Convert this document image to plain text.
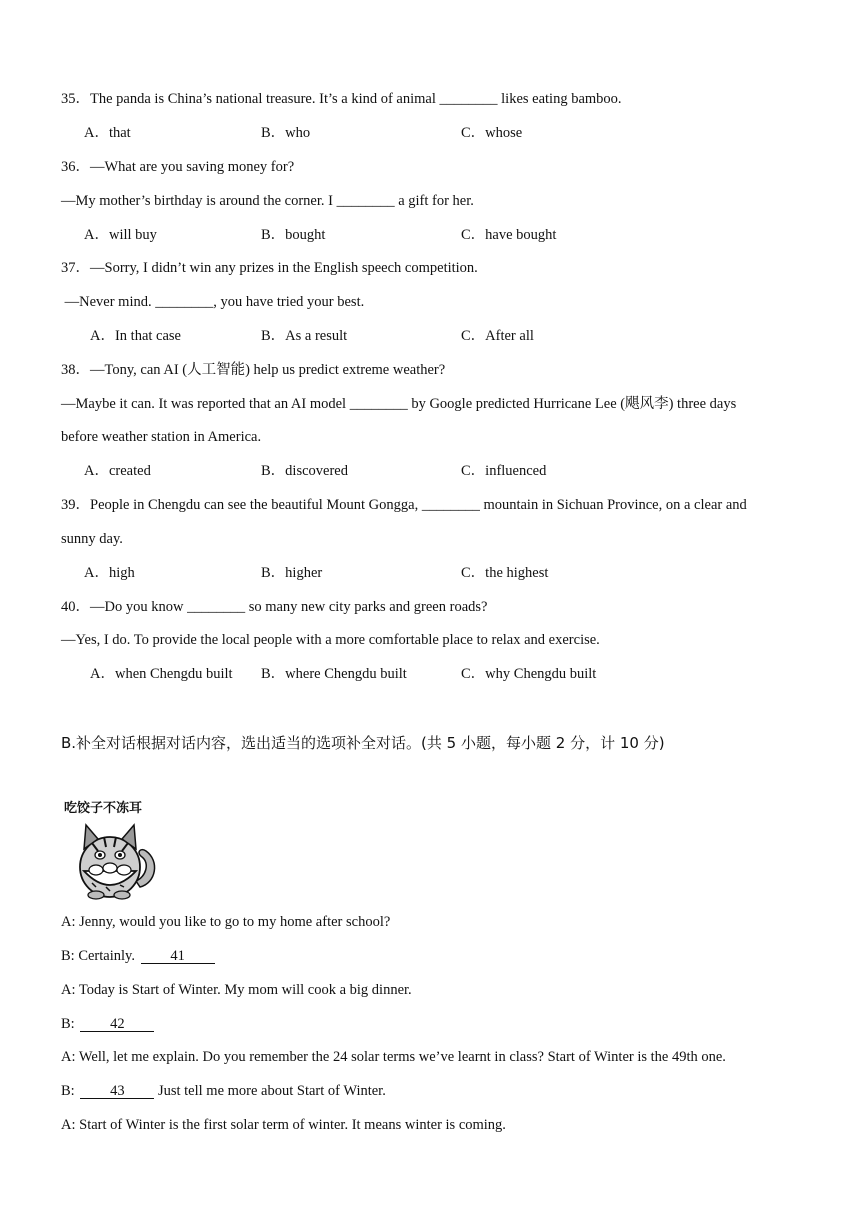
35．The panda is China’s national treasure. It’s a kind of animal ________ likes eating bamboo.
A．that	B．who	C．whose
36．—What are you saving money for?
—My mother’s birthday is around the corner. I ________ a gift for her.
A．will buy	B．bought	C．have bought
37．—Sorry, I didn’t win any prizes in the English speech competition.
—Never mind. ________, you have tried your best.
A．In that case	B．As a result	C．After all
38．—Tony, can AI (人工智能) help us predict extreme weather?
—Maybe it can. It was reported that an AI model ________ by Google predicted Hurricane Lee (飓风李) three days
before weather station in America.
A．created	B．discovered	C．influenced
39．People in Chengdu can see the beautiful Mount Gongga, ________ mountain in Sichuan Province, on a clear and
sunny day.
A．high	B．higher	C．the highest
40．—Do you know ________ so many new city parks and green roads?
—Yes, I do. To provide the local people with a more comfortable place to relax and exercise.
A．when Chengdu built B．where Chengdu built	C．why Chengdu built
B.补全对话根据对话内容，选出适当的选项补全对话。(共 5 小题，每小题 2 分，计 10 分)
吃饺子不冻耳
A: Jenny, would you like to go to my home after school?
B: Certainly. 41
A: Today is Start of Winter. My mom will cook a big dinner.
B: 42
A: Well, let me explain. Do you remember the 24 solar terms we’ve learnt in class? Start of Winter is the 49th one.
B: 43 Just tell me more about Start of Winter.
A: Start of Winter is the first solar term of winter. It means winter is coming.
